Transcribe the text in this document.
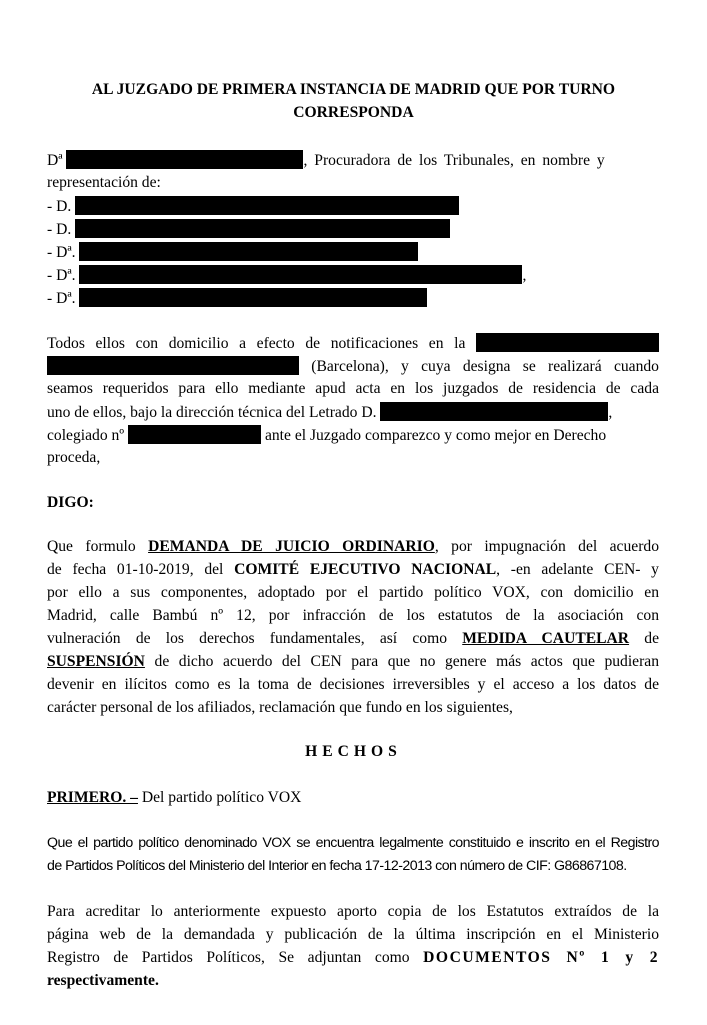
AL JUZGADO DE PRIMERA INSTANCIA DE MADRID QUE POR TURNO
CORRESPONDA
Dª	, Procuradora de los Tribunales, en nombre y
representación de:
- D.
- D.
- Dª.
- Dª.	,
- Dª.
Todos ellos con domicilio a efecto de notificaciones en la
(Barcelona), y cuya designa se realizará cuando
seamos requeridos para ello mediante apud acta en los juzgados de residencia de cada
uno de ellos, bajo la dirección técnica del Letrado D.	,
colegiado nº	ante el Juzgado comparezco y como mejor en Derecho
proceda,
DIGO:
Que formulo DEMANDA DE JUICIO ORDINARIO, por impugnación del acuerdo
de fecha 01-10-2019, del COMITÉ EJECUTIVO NACIONAL, -en adelante CEN- y
por ello a sus componentes, adoptado por el partido político VOX, con domicilio en
Madrid, calle Bambú nº 12, por infracción de los estatutos de la asociación con
vulneración de los derechos fundamentales, así como MEDIDA CAUTELAR de
SUSPENSIÓN de dicho acuerdo del CEN para que no genere más actos que pudieran
devenir en ilícitos como es la toma de decisiones irreversibles y el acceso a los datos de
carácter personal de los afiliados, reclamación que fundo en los siguientes,
HECHOS
PRIMERO. – Del partido político VOX
Que el partido político denominado VOX se encuentra legalmente constituido e inscrito en el Registro
de Partidos Políticos del Ministerio del Interior en fecha 17-12-2013 con número de CIF: G86867108.
Para acreditar lo anteriormente expuesto aporto copia de los Estatutos extraídos de la
página web de la demandada y publicación de la última inscripción en el Ministerio
Registro de Partidos Políticos, Se adjuntan como DOCUMENTOS Nº 1 y 2
respectivamente.
